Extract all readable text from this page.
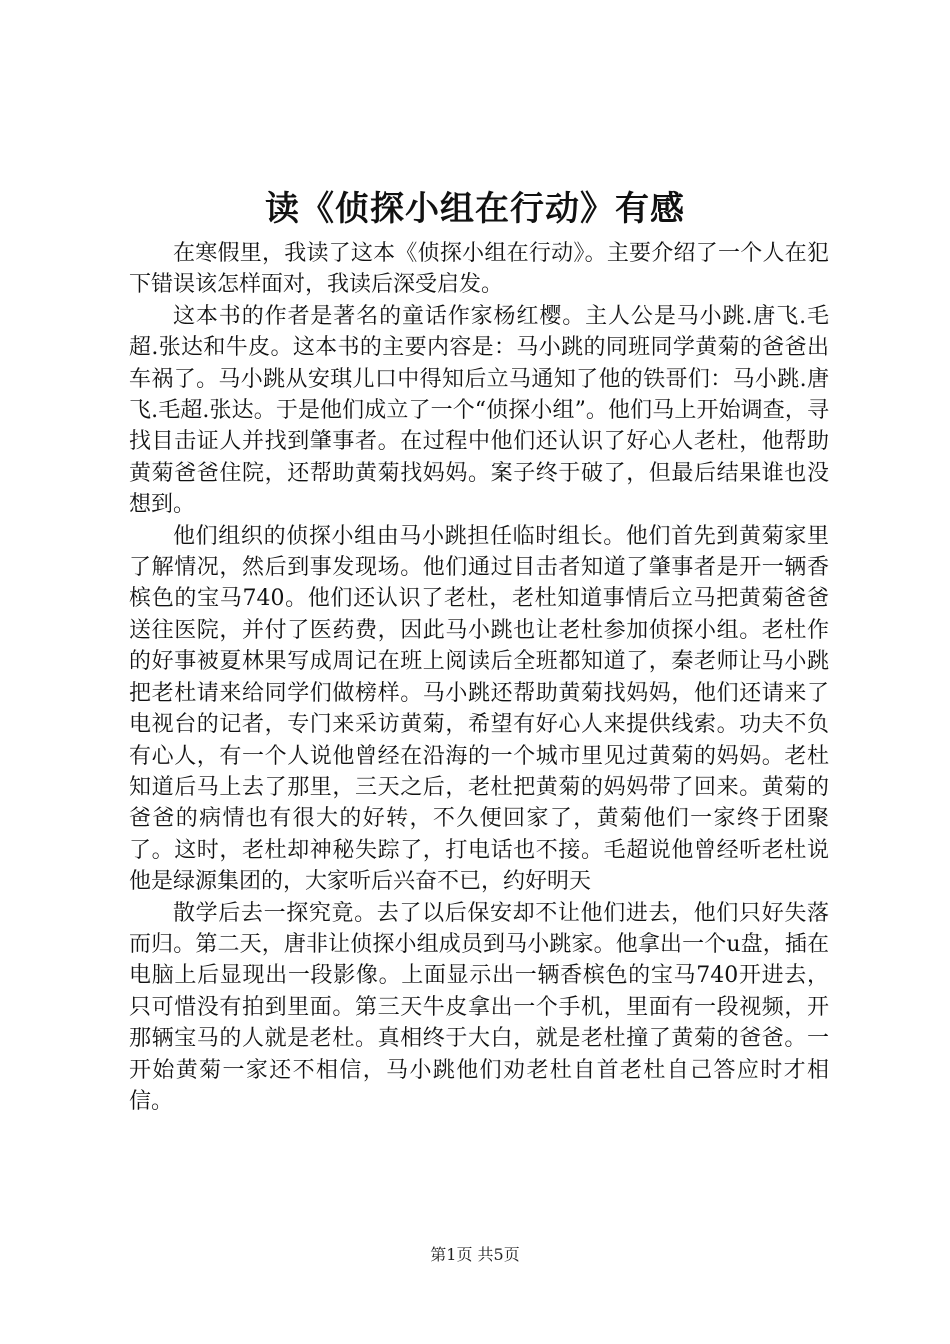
读《侦探小组在行动》有感

在寒假里，我读了这本《侦探小组在行动》。主要介绍了一个人在犯下错误该怎样面对，我读后深受启发。

这本书的作者是著名的童话作家杨红樱。主人公是马小跳.唐飞.毛超.张达和牛皮。这本书的主要内容是：马小跳的同班同学黄菊的爸爸出车祸了。马小跳从安琪儿口中得知后立马通知了他的铁哥们：马小跳.唐飞.毛超.张达。于是他们成立了一个“侦探小组”。他们马上开始调查，寻找目击证人并找到肇事者。在过程中他们还认识了好心人老杜，他帮助黄菊爸爸住院，还帮助黄菊找妈妈。案子终于破了，但最后结果谁也没想到。

他们组织的侦探小组由马小跳担任临时组长。他们首先到黄菊家里了解情况，然后到事发现场。他们通过目击者知道了肇事者是开一辆香槟色的宝马740。他们还认识了老杜，老杜知道事情后立马把黄菊爸爸送往医院，并付了医药费，因此马小跳也让老杜参加侦探小组。老杜作的好事被夏林果写成周记在班上阅读后全班都知道了，秦老师让马小跳把老杜请来给同学们做榜样。马小跳还帮助黄菊找妈妈，他们还请来了电视台的记者，专门来采访黄菊，希望有好心人来提供线索。功夫不负有心人，有一个人说他曾经在沿海的一个城市里见过黄菊的妈妈。老杜知道后马上去了那里，三天之后，老杜把黄菊的妈妈带了回来。黄菊的爸爸的病情也有很大的好转，不久便回家了，黄菊他们一家终于团聚了。这时，老杜却神秘失踪了，打电话也不接。毛超说他曾经听老杜说他是绿源集团的，大家听后兴奋不已，约好明天

散学后去一探究竟。去了以后保安却不让他们进去，他们只好失落而归。第二天，唐非让侦探小组成员到马小跳家。他拿出一个u盘，插在电脑上后显现出一段影像。上面显示出一辆香槟色的宝马740开进去，只可惜没有拍到里面。第三天牛皮拿出一个手机，里面有一段视频，开那辆宝马的人就是老杜。真相终于大白，就是老杜撞了黄菊的爸爸。一开始黄菊一家还不相信，马小跳他们劝老杜自首老杜自己答应时才相信。

第1页 共5页
